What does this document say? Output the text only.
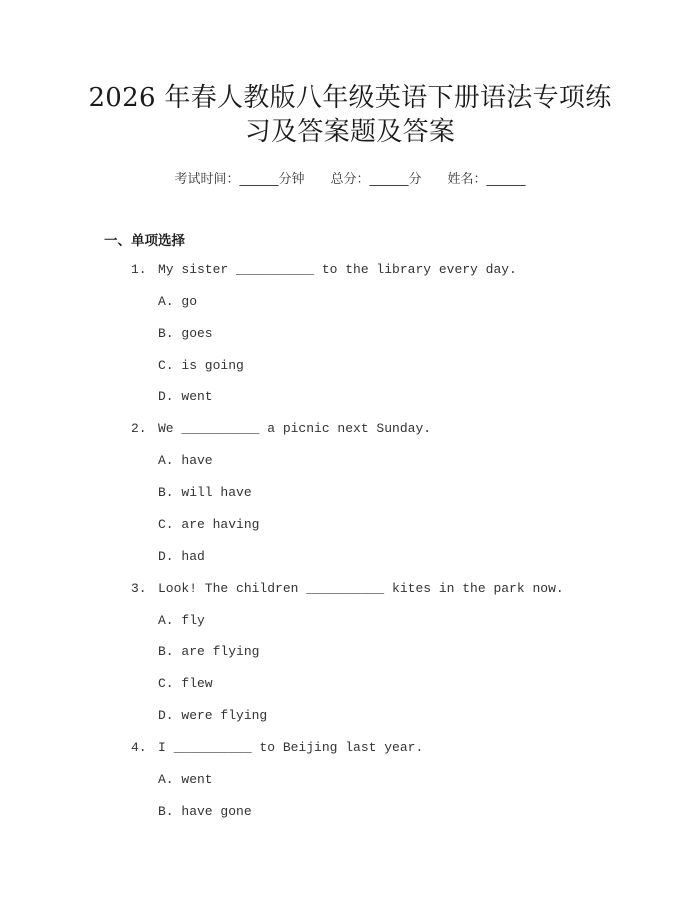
2026 年春人教版八年级英语下册语法专项练
习及答案题及答案
考试时间：______分钟 总分：______分 姓名：______
一、单项选择
1. My sister __________ to the library every day.
A. go
B. goes
C. is going
D. went
2. We __________ a picnic next Sunday.
A. have
B. will have
C. are having
D. had
3. Look! The children __________ kites in the park now.
A. fly
B. are flying
C. flew
D. were flying
4. I __________ to Beijing last year.
A. went
B. have gone
